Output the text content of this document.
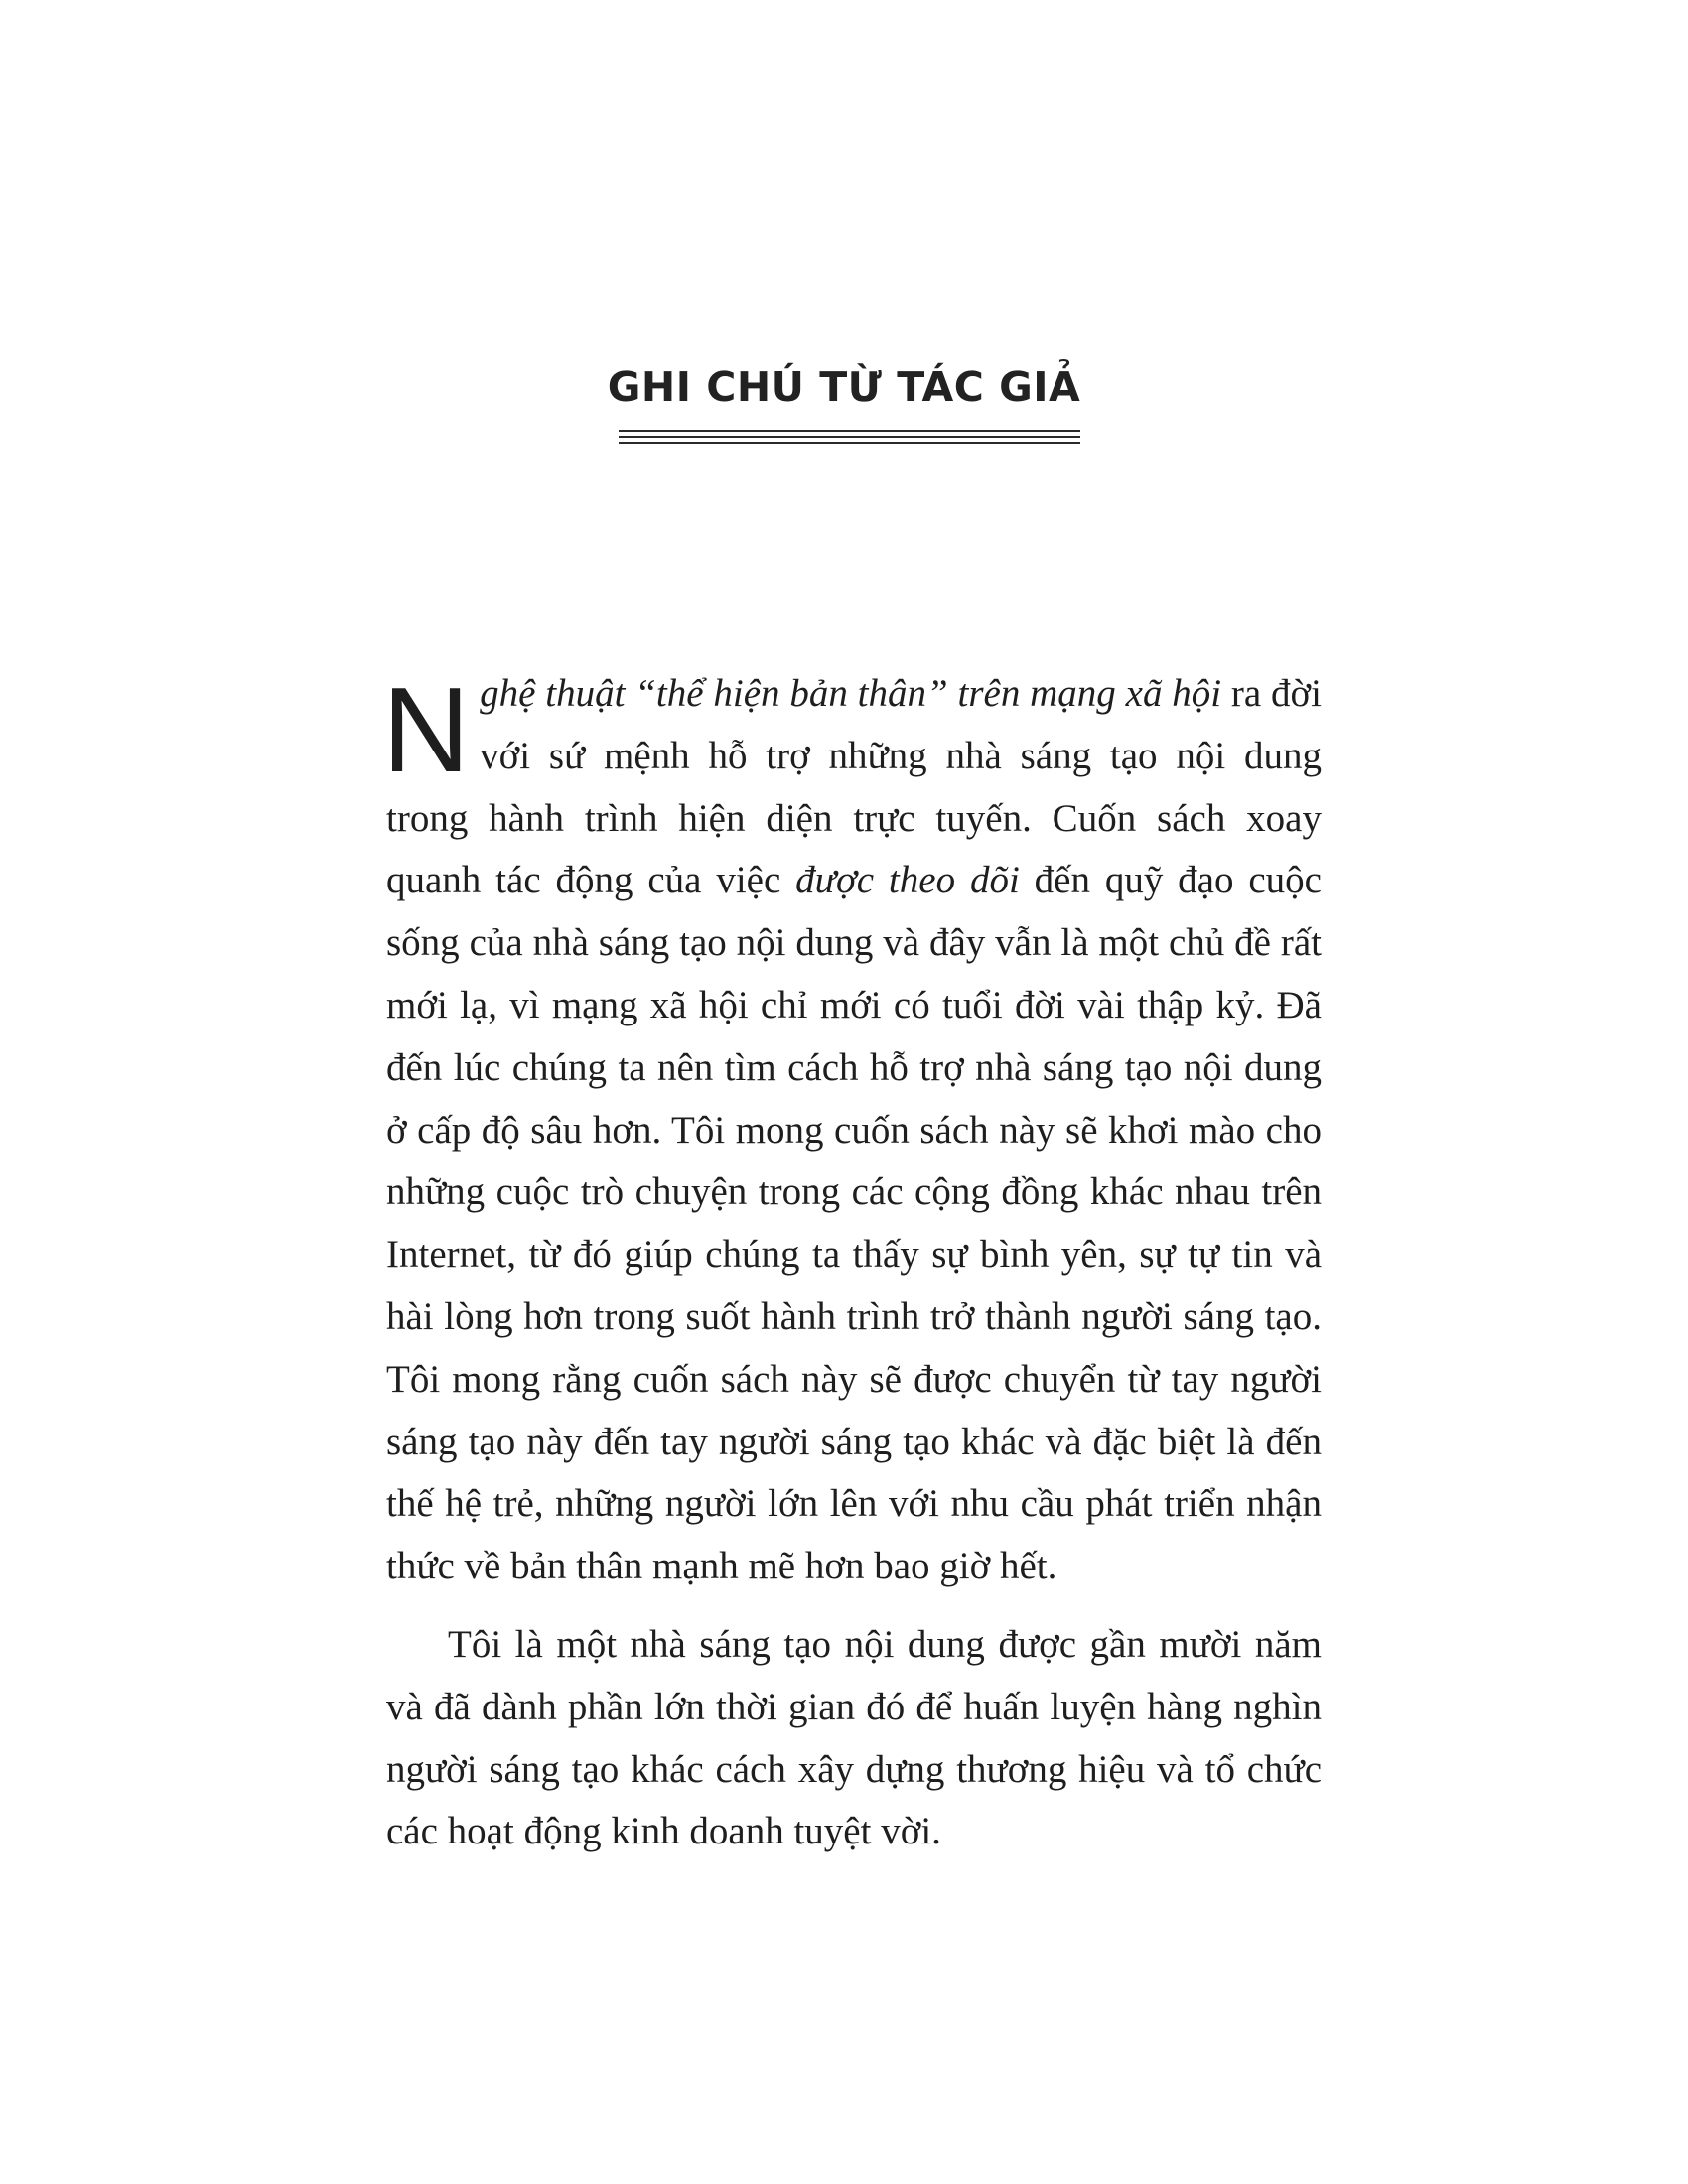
GHI CHÚ TỪ TÁC GIẢ

Nghệ thuật “thể hiện bản thân” trên mạng xã hội ra đời với sứ mệnh hỗ trợ những nhà sáng tạo nội dung trong hành trình hiện diện trực tuyến. Cuốn sách xoay quanh tác động của việc được theo dõi đến quỹ đạo cuộc sống của nhà sáng tạo nội dung và đây vẫn là một chủ đề rất mới lạ, vì mạng xã hội chỉ mới có tuổi đời vài thập kỷ. Đã đến lúc chúng ta nên tìm cách hỗ trợ nhà sáng tạo nội dung ở cấp độ sâu hơn. Tôi mong cuốn sách này sẽ khơi mào cho những cuộc trò chuyện trong các cộng đồng khác nhau trên Internet, từ đó giúp chúng ta thấy sự bình yên, sự tự tin và hài lòng hơn trong suốt hành trình trở thành người sáng tạo. Tôi mong rằng cuốn sách này sẽ được chuyển từ tay người sáng tạo này đến tay người sáng tạo khác và đặc biệt là đến thế hệ trẻ, những người lớn lên với nhu cầu phát triển nhận thức về bản thân mạnh mẽ hơn bao giờ hết.

Tôi là một nhà sáng tạo nội dung được gần mười năm và đã dành phần lớn thời gian đó để huấn luyện hàng nghìn người sáng tạo khác cách xây dựng thương hiệu và tổ chức các hoạt động kinh doanh tuyệt vời.
